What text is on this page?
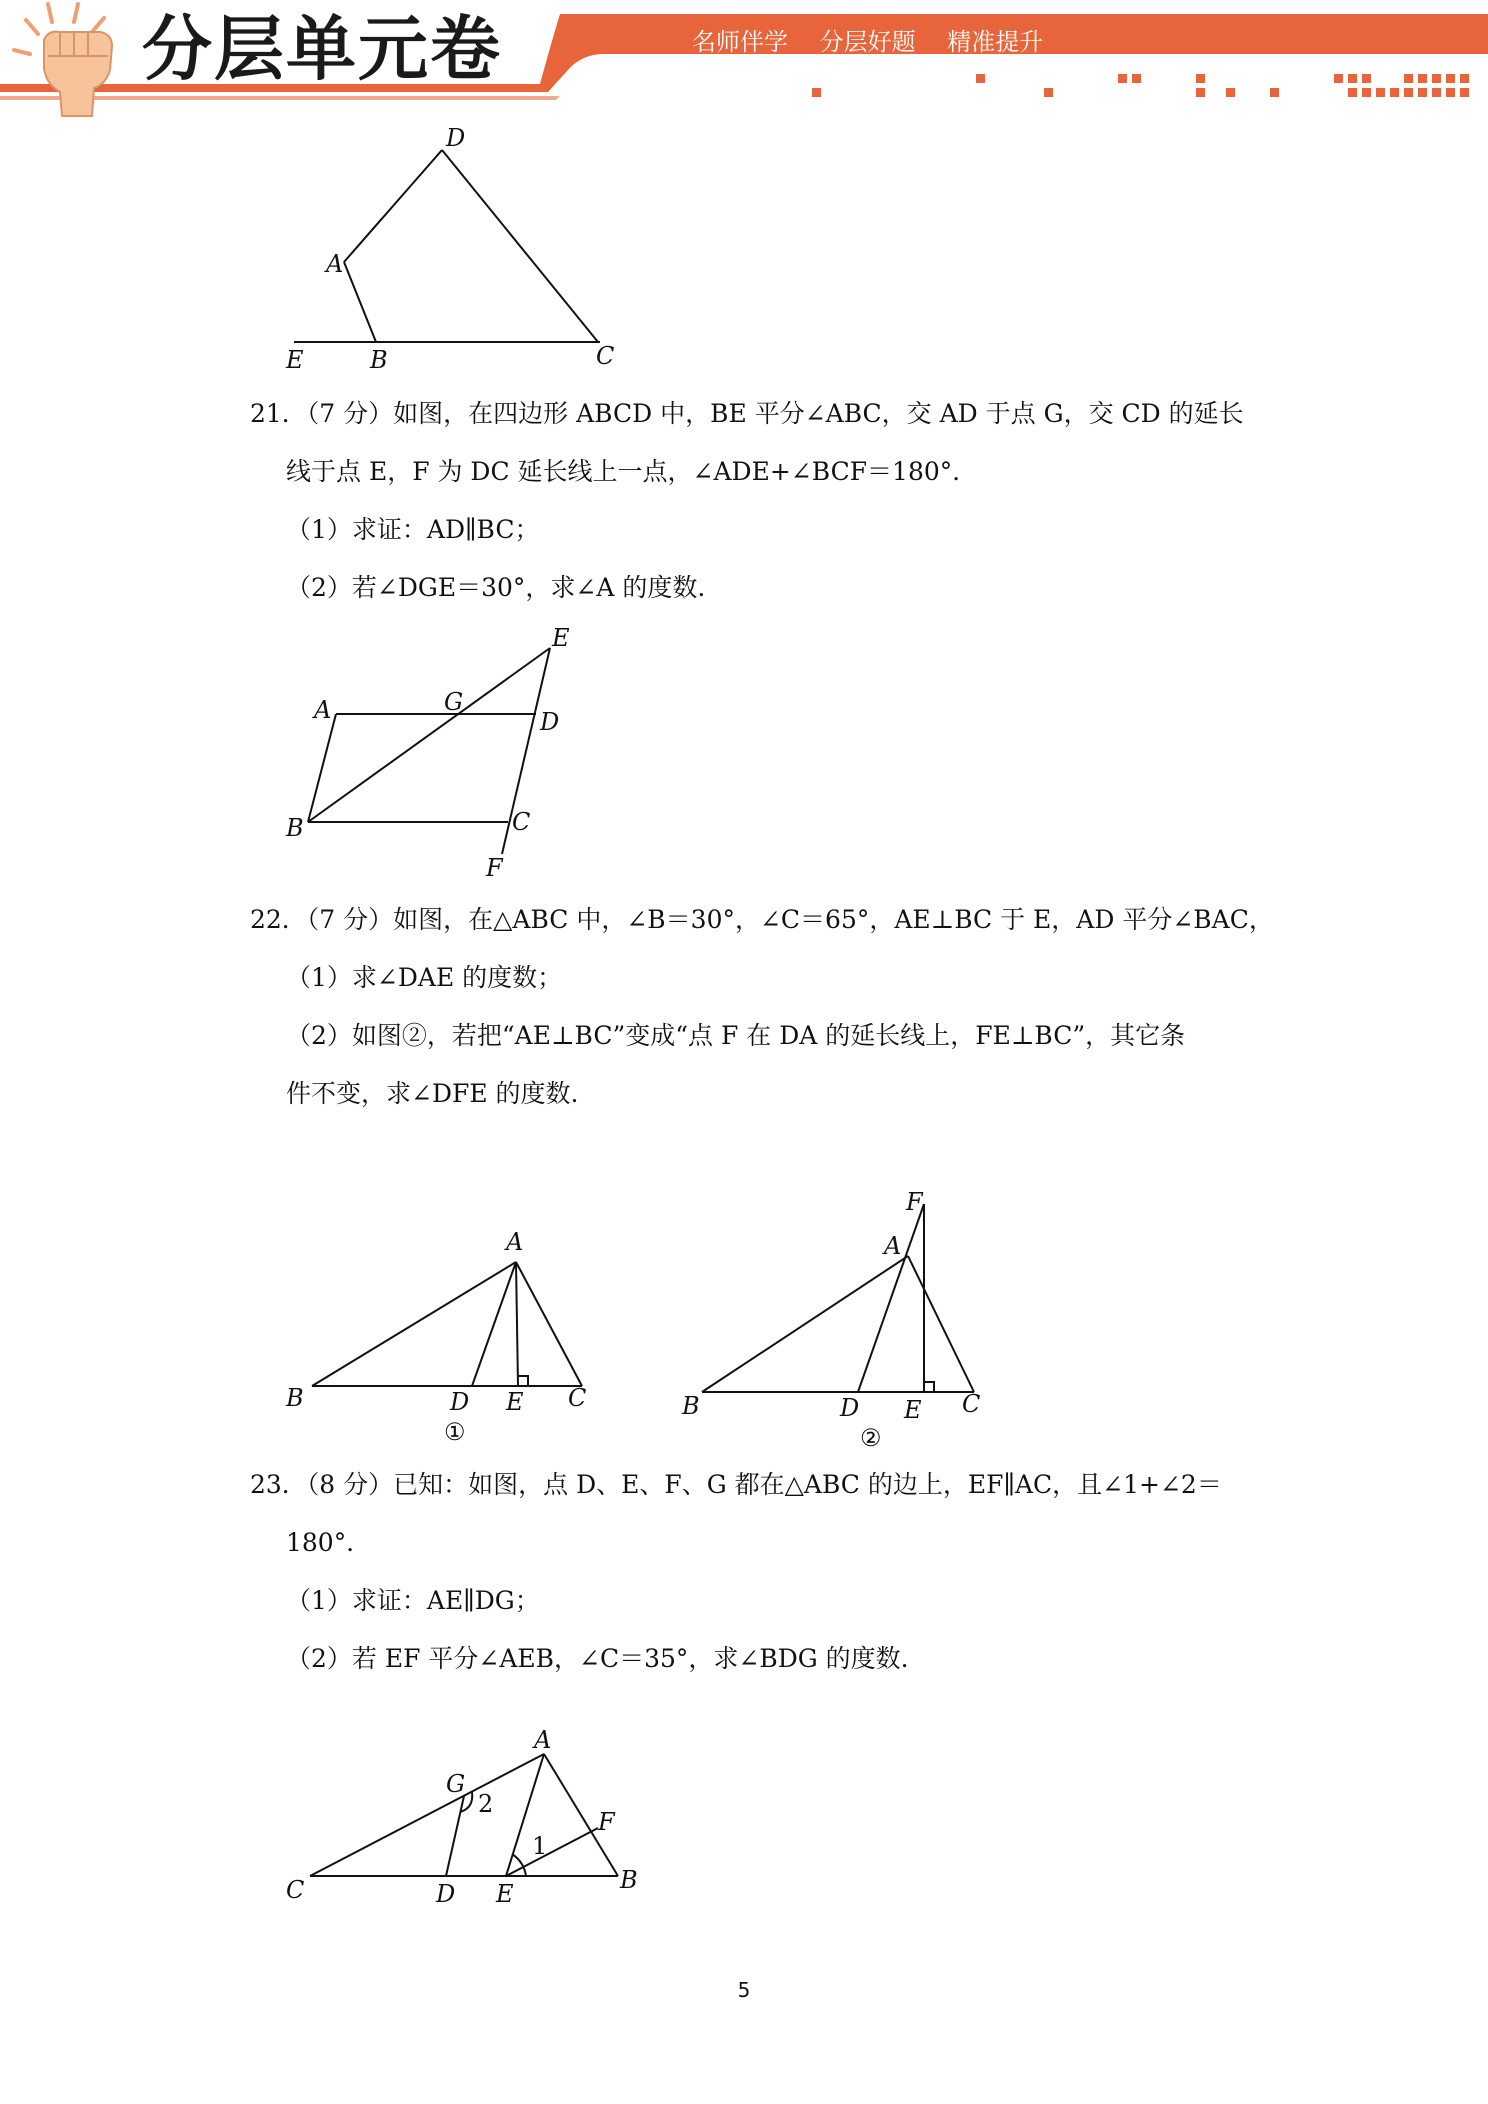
分层单元卷	名师伴学 分层好题 精准提升
D
A
E	B	C
21．（7 分）如图，在四边形 ABCD 中，BE 平分∠ABC，交 AD 于点 G，交 CD 的延长
线于点 E，F 为 DC 延长线上一点，∠ADE+∠BCF＝180°．
（1）求证：AD∥BC；
（2）若∠DGE＝30°，求∠A 的度数.
E
A	G
D
B	C
F
22．（7 分）如图，在△ABC 中，∠B＝30°，∠C＝65°，AE⊥BC 于 E，AD 平分∠BAC，
（1）求∠DAE 的度数；
（2）如图②，若把“AE⊥BC”变成“点 F 在 DA 的延长线上，FE⊥BC”，其它条
件不变，求∠DFE 的度数.
A
B	D E C
①
F
A
B	D E C
②
23．（8 分）已知：如图，点 D、E、F、G 都在△ABC 的边上，EF∥AC，且∠1+∠2＝
180°．
（1）求证：AE∥DG；
（2）若 EF 平分∠AEB，∠C＝35°，求∠BDG 的度数.
A
G
2
1
F
C	D E	B
5
